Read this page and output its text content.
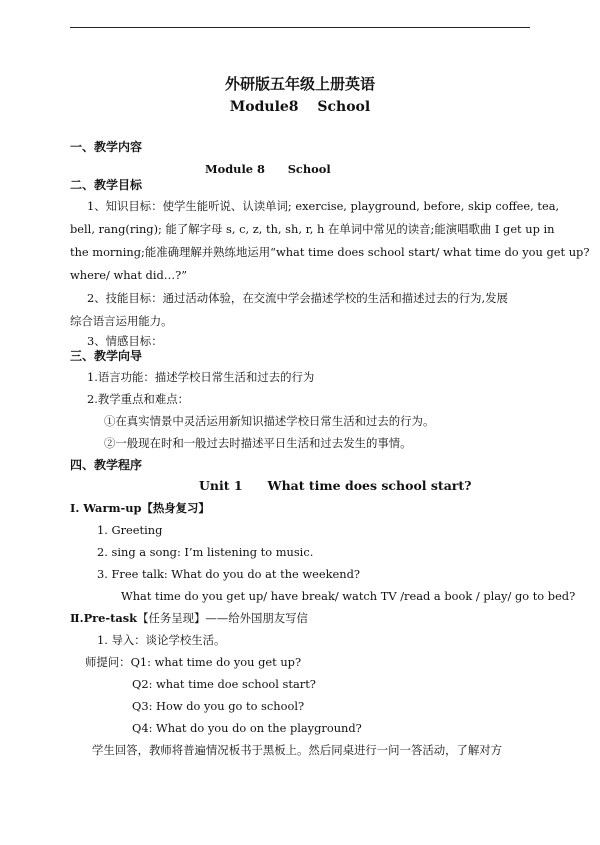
外研版五年级上册英语
Module8　 School
一、教学内容
Module 8　　School
二、教学目标
1、知识目标：使学生能听说、认读单词; exercise, playground, before, skip coffee, tea,
bell, rang(ring); 能了解字母 s, c, z, th, sh, r, h 在单词中常见的读音;能演唱歌曲 I get up in
the morning;能准确理解并熟练地运用“what time does school start/ what time do you get up?
where/ what did…?”
2、技能目标：通过活动体验，在交流中学会描述学校的生活和描述过去的行为,发展
综合语言运用能力。
3、情感目标：
三、教学向导
1.语言功能：描述学校日常生活和过去的行为
2.教学重点和难点：
①在真实情景中灵活运用新知识描述学校日常生活和过去的行为。
②一般现在时和一般过去时描述平日生活和过去发生的事情。
四、教学程序
Unit 1　　What time does school start?
Ⅰ. Warm-up【热身复习】
1. Greeting
2. sing a song: I’m listening to music.
3. Free talk: What do you do at the weekend?
What time do you get up/ have break/ watch TV /read a book / play/ go to bed?
Ⅱ.Pre-task【任务呈现】——给外国朋友写信
1. 导入：谈论学校生活。
师提问：Q1: what time do you get up?
Q2: what time doe school start?
Q3: How do you go to school?
Q4: What do you do on the playground?
学生回答，教师将普遍情况板书于黑板上。然后同桌进行一问一答活动，了解对方
